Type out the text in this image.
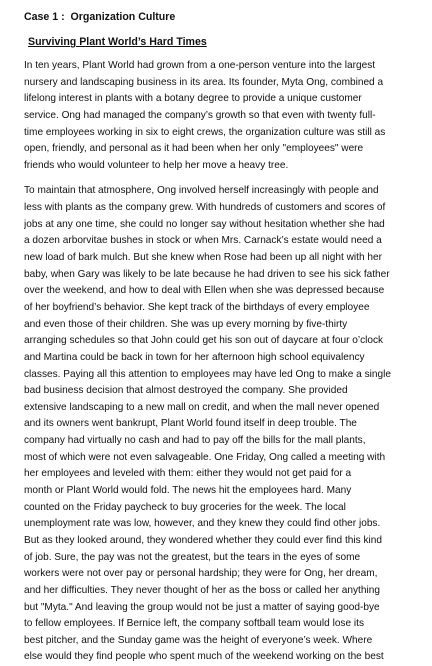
Case 1 :  Organization Culture

Surviving Plant World’s Hard Times

In ten years, Plant World had grown from a one-person venture into the largest
nursery and landscaping business in its area. Its founder, Myta Ong, combined a
lifelong interest in plants with a botany degree to provide a unique customer
service. Ong had managed the company’s growth so that even with twenty full-
time employees working in six to eight crews, the organization culture was still as
open, friendly, and personal as it had been when her only "employees" were
friends who would volunteer to help her move a heavy tree.
To maintain that atmosphere, Ong involved herself increasingly with people and
less with plants as the company grew. With hundreds of customers and scores of
jobs at any one time, she could no longer say without hesitation whether she had
a dozen arborvitae bushes in stock or when Mrs. Carnack’s estate would need a
new load of bark mulch. But she knew when Rose had been up all night with her
baby, when Gary was likely to be late because he had driven to see his sick father
over the weekend, and how to deal with Ellen when she was depressed because
of her boyfriend’s behavior. She kept track of the birthdays of every employee
and even those of their children. She was up every morning by five-thirty
arranging schedules so that John could get his son out of daycare at four o’clock
and Martina could be back in town for her afternoon high school equivalency
classes. Paying all this attention to employees may have led Ong to make a single
bad business decision that almost destroyed the company. She provided
extensive landscaping to a new mall on credit, and when the mall never opened
and its owners went bankrupt, Plant World found itself in deep trouble. The
company had virtually no cash and had to pay off the bills for the mall plants,
most of which were not even salvageable. One Friday, Ong called a meeting with
her employees and leveled with them: either they would not get paid for a
month or Plant World would fold. The news hit the employees hard. Many
counted on the Friday paycheck to buy groceries for the week. The local
unemployment rate was low, however, and they knew they could find other jobs.
But as they looked around, they wondered whether they could ever find this kind
of job. Sure, the pay was not the greatest, but the tears in the eyes of some
workers were not over pay or personal hardship; they were for Ong, her dream,
and her difficulties. They never thought of her as the boss or called her anything
but "Myta." And leaving the group would not be just a matter of saying good-bye
to fellow employees. If Bernice left, the company softball team would lose its
best pitcher, and the Sunday game was the height of everyone’s week. Where
else would they find people who spent much of the weekend working on the best
